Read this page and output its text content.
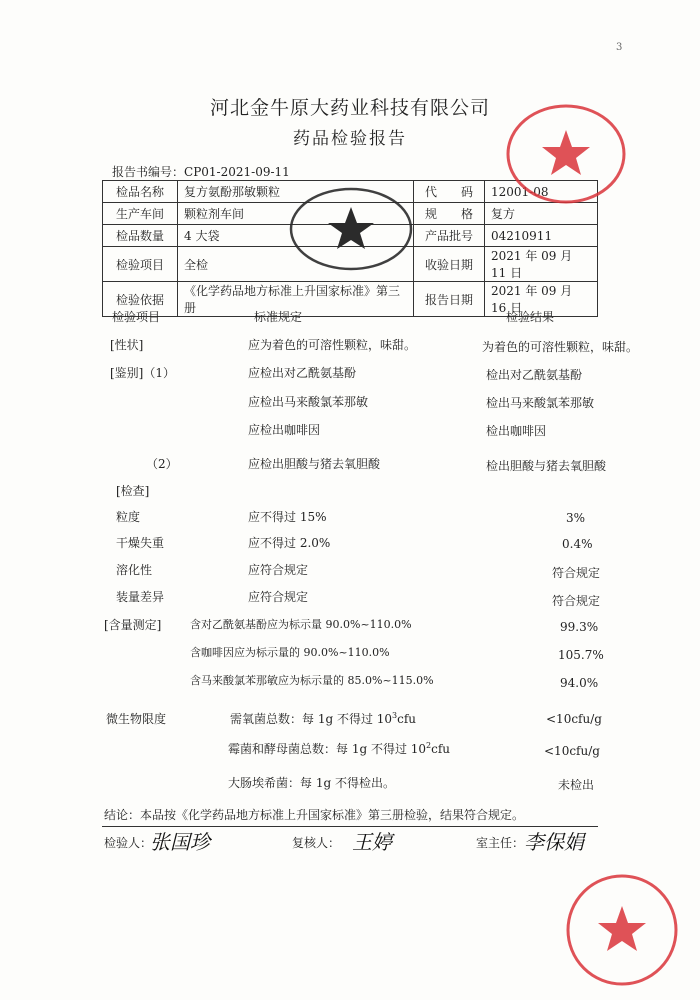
3
河北金牛原大药业科技有限公司
药品检验报告
报告书编号：CP01-2021-09-11
检品名称	复方氨酚那敏颗粒	代　　码	12001-08
生产车间	颗粒剂车间	规　　格	复方
检品数量	4 大袋	产品批号	04210911
检验项目	全检	收验日期	2021 年 09 月 11 日
检验依据	《化学药品地方标准上升国家标准》第三册	报告日期	2021 年 09 月 16 日
检验项目	标准规定	检验结果
[性状]	应为着色的可溶性颗粒，味甜。	为着色的可溶性颗粒，味甜。
[鉴别]（1）	应检出对乙酰氨基酚	检出对乙酰氨基酚
应检出马来酸氯苯那敏	检出马来酸氯苯那敏
应检出咖啡因	检出咖啡因
（2）	应检出胆酸与猪去氧胆酸	检出胆酸与猪去氧胆酸
[检查]
粒度	应不得过 15%	3%
干燥失重	应不得过 2.0%	0.4%
溶化性	应符合规定	符合规定
装量差异	应符合规定	符合规定
[含量测定]	含对乙酰氨基酚应为标示量 90.0%~110.0%	99.3%
含咖啡因应为标示量的 90.0%~110.0%	105.7%
含马来酸氯苯那敏应为标示量的 85.0%~115.0%	94.0%
微生物限度	需氧菌总数：每 1g 不得过 $10^3cfu$	<10cfu/g
霉菌和酵母菌总数：每 1g 不得过 $10^2cfu$	<10cfu/g
大肠埃希菌：每 1g 不得检出。	未检出
结论：本品按《化学药品地方标准上升国家标准》第三册检验，结果符合规定。
检验人：
张国珍	复核人： 王婷	室主任： 李保娟
